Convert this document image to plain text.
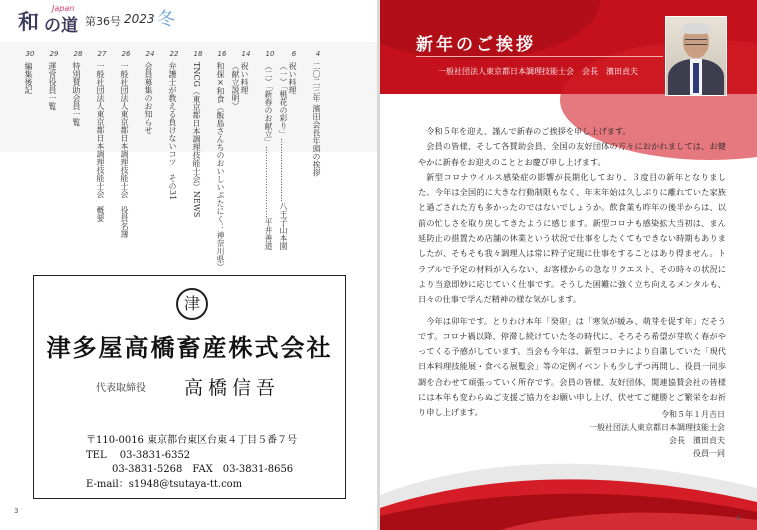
Japan
和 の道 第36号 2023 冬
4
二〇二三年 濱田会長年頭の挨拶
6
祝い料理
（一）「桃花の彩り」……………………八王子山本園
10
（二）「新春のお献立」………………………平井善道
14
祝い料理
（献立説明）
16
和探×和食（飯島さんちのおいしいぷたにく：神奈川県）
18
TNCG（東京都日本調理技能士会）NEWS
22
弁護士が教える負けないコツ　その31
24
会員募集のお知らせ
26
一般社団法人東京都日本調理技能士会　役員名簿
27
一般社団法人東京都日本調理技能士会　概要
28
特別賛助会員一覧
29
運営役員一覧
30
編集後記
津
津多屋高橋畜産株式会社
代表取締役 高橋信吾
〒110-0016 東京都台東区台東４丁目５番７号
TEL　 03-3831-6352
03-3831-5268　FAX　03-3831-8656
E-mail：s1948@tsutaya-tt.com
3
新年のご挨拶
一般社団法人東京都日本調理技能士会　会長　濱田貞夫

令和５年を迎え、謹んで新春のご挨拶を申し上げます。

会員の皆様、そして各賛助会員、全国の友好団体の方々におかれましては、お健やかに新春をお迎えのこととお慶び申し上げます。

新型コロナウイルス感染症の影響が長期化しており、３度目の新年となりました。今年は全国的に大きな行動制限もなく、年末年始は久しぶりに離れていた家族と過ごされた方も多かったのではないでしょうか。飲食業も昨年の後半からは、以前の忙しさを取り戻してきたように感じます。新型コロナも感染拡大当初は、まん延防止の措置ため店舗の休業という状況で仕事をしたくてもできない時期もありましたが、そもそも我々調理人は常に粋子定規に仕事をすることはあり得ません。トラブルで予定の材料が入らない、お客様からの急なリクエスト、その時々の状況により当意即妙に応じていく仕事です。そうした困難に強く立ち向えるメンタルも、日々の仕事で学んだ精神の様な気がします。

今年は卯年です。とりわけ本年「癸卯」は「寒気が緩み、萌芽を促す年」だそうです。コロナ禍以降、停滞し続けていた冬の時代に、そろそろ希望が芽吹く春がやってくる予感がしています。当会も今年は、新型コロナにより自粛していた「現代日本料理技能展・食べる展覧会」等の定例イベントも少しずつ再開し、役員一同歩調を合わせて頑張っていく所存です。会員の皆様、友好団体、関連協賛会社の皆様には本年も変わらぬご支援ご協力をお願い申し上げ、伏せてご健勝とご繁栄をお祈り申し上げます。	令和５年１月吉日
一般社団法人東京都日本調理技能士会
会長　濱田貞夫
役員一同
4
